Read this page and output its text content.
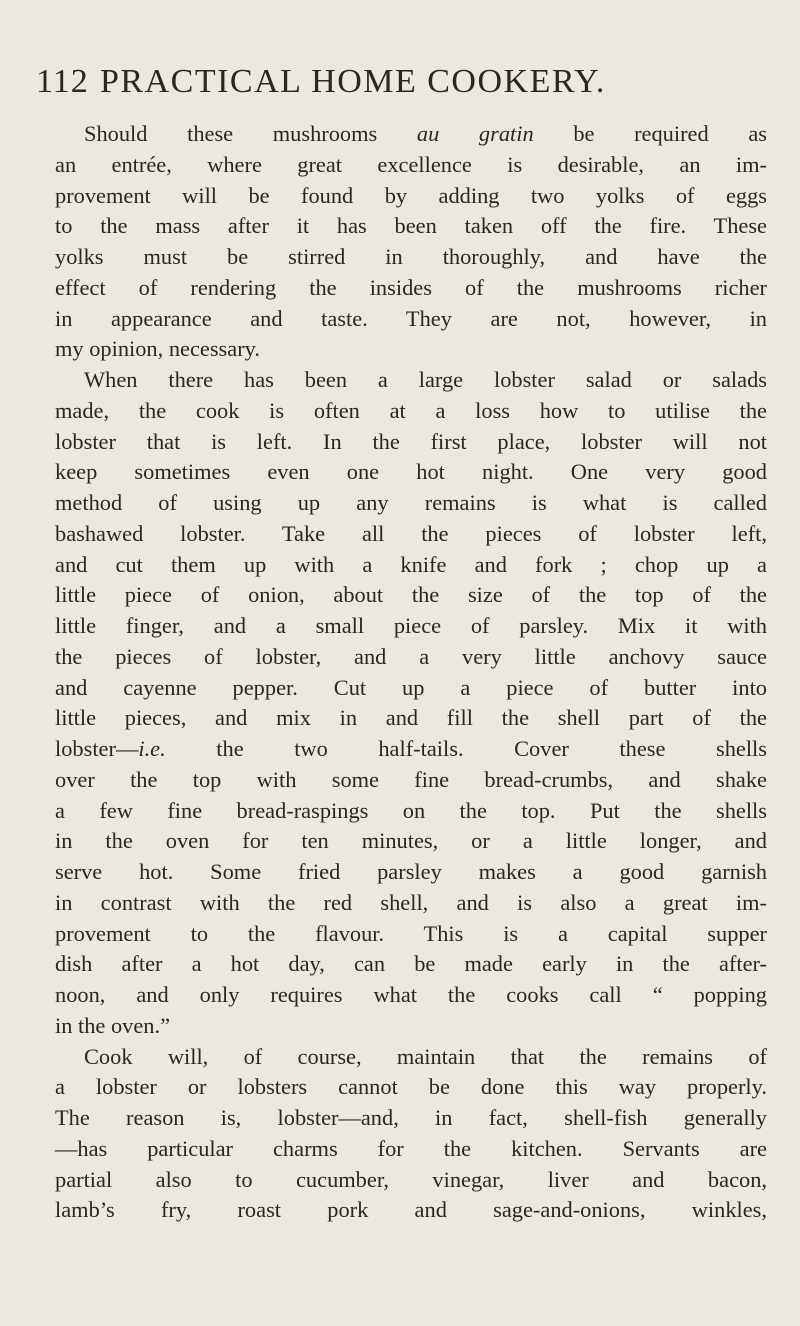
112 PRACTICAL HOME COOKERY.
Should these mushrooms au gratin be required as
an entrée, where great excellence is desirable, an im-
provement will be found by adding two yolks of eggs
to the mass after it has been taken off the fire. These
yolks must be stirred in thoroughly, and have the
effect of rendering the insides of the mushrooms richer
in appearance and taste. They are not, however, in
my opinion, necessary.
When there has been a large lobster salad or salads
made, the cook is often at a loss how to utilise the
lobster that is left. In the first place, lobster will not
keep sometimes even one hot night. One very good
method of using up any remains is what is called
bashawed lobster. Take all the pieces of lobster left,
and cut them up with a knife and fork ; chop up a
little piece of onion, about the size of the top of the
little finger, and a small piece of parsley. Mix it with
the pieces of lobster, and a very little anchovy sauce
and cayenne pepper. Cut up a piece of butter into
little pieces, and mix in and fill the shell part of the
lobster—i.e. the two half-tails. Cover these shells
over the top with some fine bread-crumbs, and shake
a few fine bread-raspings on the top. Put the shells
in the oven for ten minutes, or a little longer, and
serve hot. Some fried parsley makes a good garnish
in contrast with the red shell, and is also a great im-
provement to the flavour. This is a capital supper
dish after a hot day, can be made early in the after-
noon, and only requires what the cooks call “ popping
in the oven.”
Cook will, of course, maintain that the remains of
a lobster or lobsters cannot be done this way properly.
The reason is, lobster—and, in fact, shell-fish generally
—has particular charms for the kitchen. Servants are
partial also to cucumber, vinegar, liver and bacon,
lamb’s fry, roast pork and sage-and-onions, winkles,
